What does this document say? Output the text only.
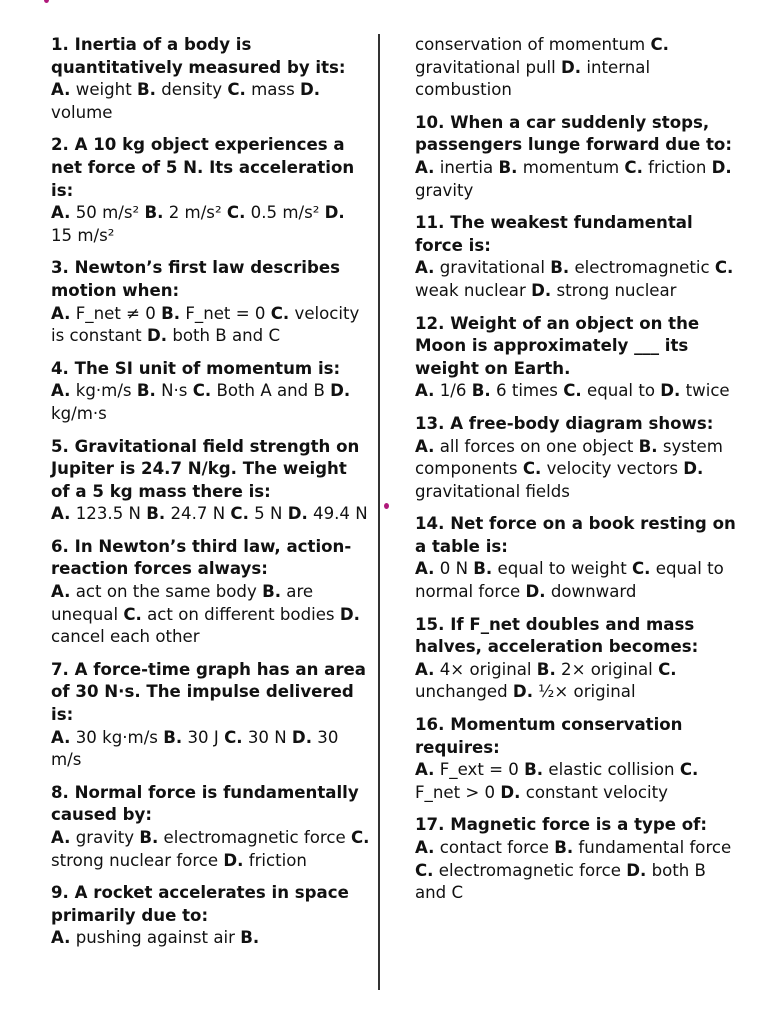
1. Inertia of a body is quantitatively measured by its:

A. weight B. density C. mass D. volume

2. A 10 kg object experiences a net force of 5 N. Its acceleration is:

A. 50 m/s² B. 2 m/s² C. 0.5 m/s² D. 15 m/s²

3. Newton’s first law describes motion when:

A. F_net ≠ 0 B. F_net = 0 C. velocity is constant D. both B and C

4. The SI unit of momentum is:

A. kg·m/s B. N·s C. Both A and B D. kg/m·s

5. Gravitational field strength on Jupiter is 24.7 N/kg. The weight of a 5 kg mass there is:

A. 123.5 N B. 24.7 N C. 5 N D. 49.4 N

6. In Newton’s third law, action-reaction forces always:

A. act on the same body B. are unequal C. act on different bodies D. cancel each other

7. A force-time graph has an area of 30 N·s. The impulse delivered is:

A. 30 kg·m/s B. 30 J C. 30 N D. 30 m/s

8. Normal force is fundamentally caused by:

A. gravity B. electromagnetic force C. strong nuclear force D. friction

9. A rocket accelerates in space primarily due to:

A. pushing against air B.

conservation of momentum C. gravitational pull D. internal combustion

10. When a car suddenly stops, passengers lunge forward due to:

A. inertia B. momentum C. friction D. gravity

11. The weakest fundamental force is:

A. gravitational B. electromagnetic C. weak nuclear D. strong nuclear

12. Weight of an object on the Moon is approximately ___ its weight on Earth.

A. 1/6 B. 6 times C. equal to D. twice

13. A free-body diagram shows:

A. all forces on one object B. system components C. velocity vectors D. gravitational fields

14. Net force on a book resting on a table is:

A. 0 N B. equal to weight C. equal to normal force D. downward

15. If F_net doubles and mass halves, acceleration becomes:

A. 4× original B. 2× original C. unchanged D. ½× original

16. Momentum conservation requires:

A. F_ext = 0 B. elastic collision C. F_net > 0 D. constant velocity

17. Magnetic force is a type of:

A. contact force B. fundamental force C. electromagnetic force D. both B and C
